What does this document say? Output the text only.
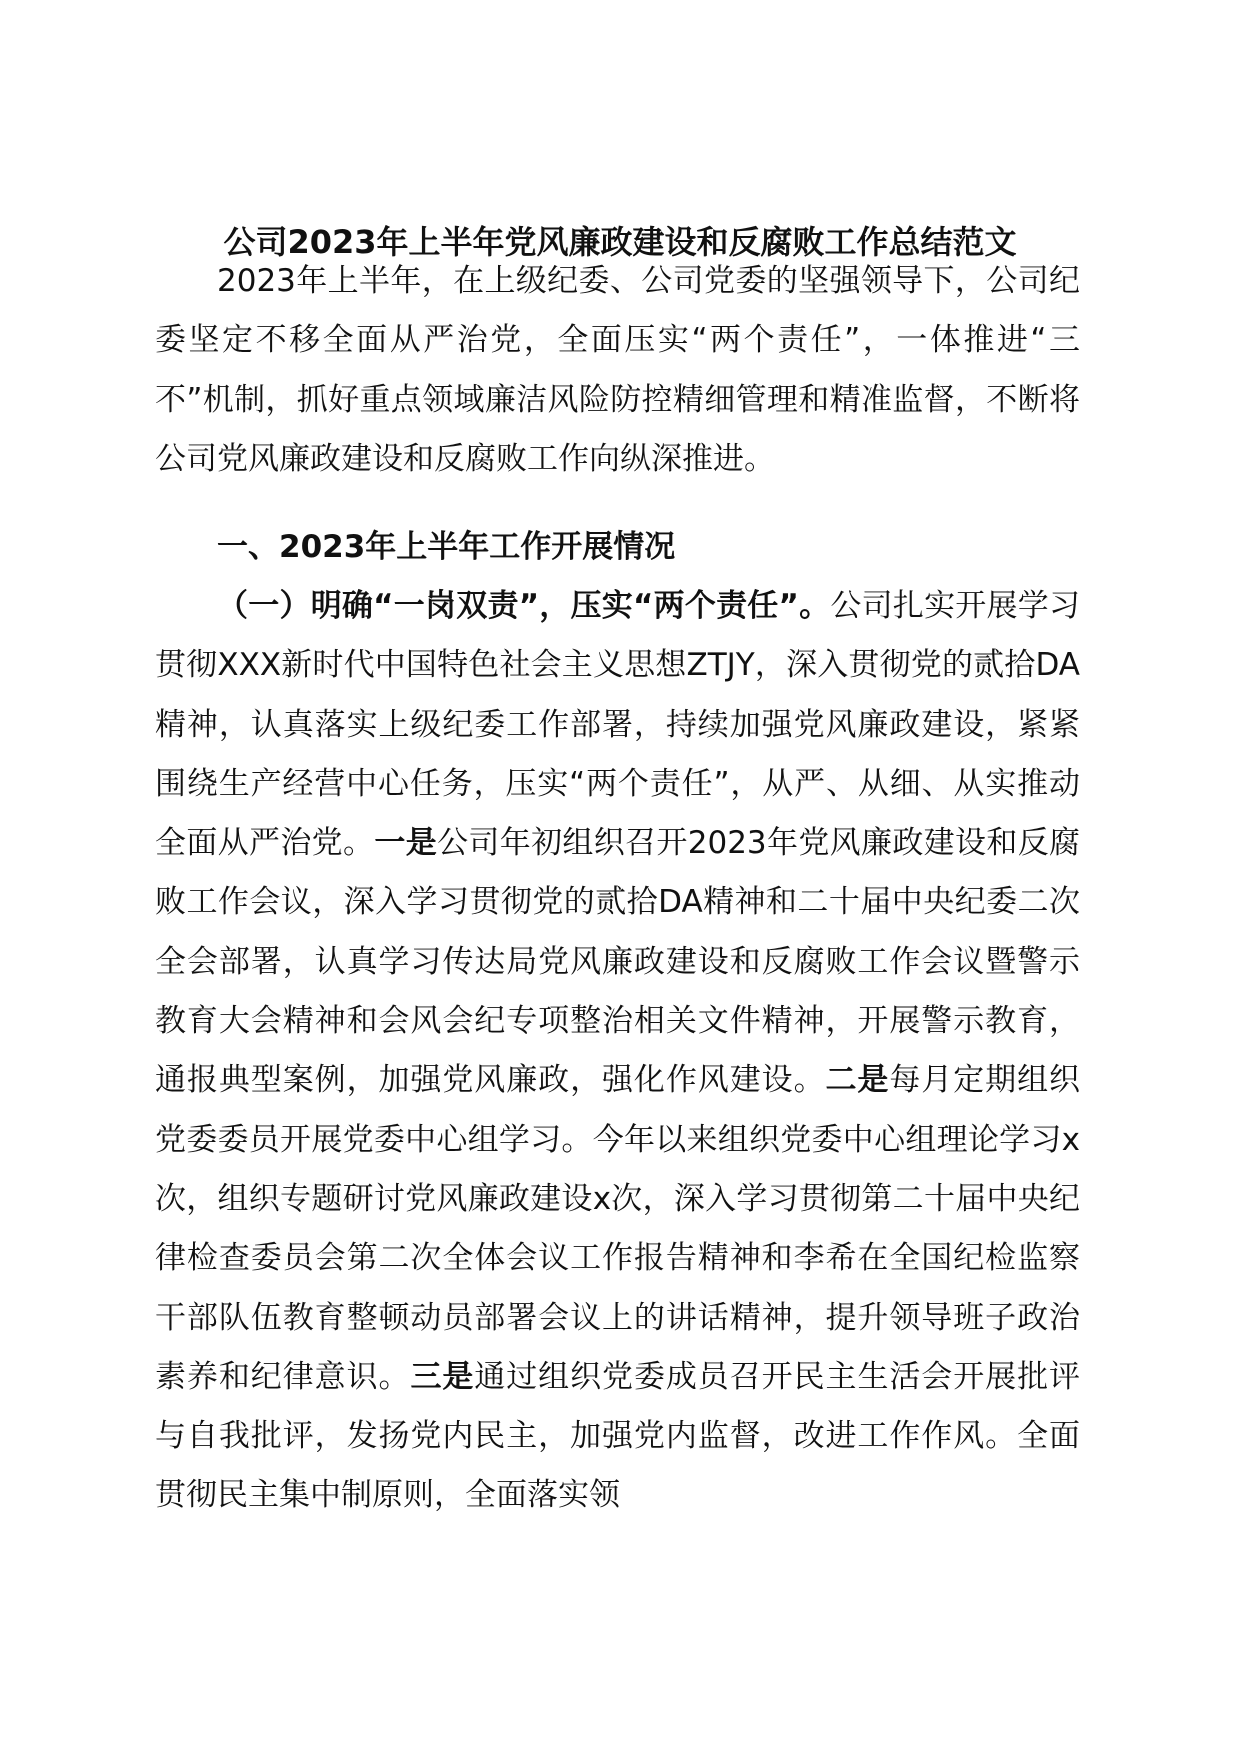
公司2023年上半年党风廉政建设和反腐败工作总结范文

2023年上半年，在上级纪委、公司党委的坚强领导下，公司纪委坚定不移全面从严治党，全面压实“两个责任”，一体推进“三不”机制，抓好重点领域廉洁风险防控精细管理和精准监督，不断将公司党风廉政建设和反腐败工作向纵深推进。

一、2023年上半年工作开展情况

（一）明确“一岗双责”，压实“两个责任”。公司扎实开展学习贯彻XXX新时代中国特色社会主义思想ZTJY，深入贯彻党的贰拾DA精神，认真落实上级纪委工作部署，持续加强党风廉政建设，紧紧围绕生产经营中心任务，压实“两个责任”，从严、从细、从实推动全面从严治党。一是公司年初组织召开2023年党风廉政建设和反腐败工作会议，深入学习贯彻党的贰拾DA精神和二十届中央纪委二次全会部署，认真学习传达局党风廉政建设和反腐败工作会议暨警示教育大会精神和会风会纪专项整治相关文件精神，开展警示教育，通报典型案例，加强党风廉政，强化作风建设。二是每月定期组织党委委员开展党委中心组学习。今年以来组织党委中心组理论学习x次，组织专题研讨党风廉政建设x次，深入学习贯彻第二十届中央纪律检查委员会第二次全体会议工作报告精神和李希在全国纪检监察干部队伍教育整顿动员部署会议上的讲话精神，提升领导班子政治素养和纪律意识。三是通过组织党委成员召开民主生活会开展批评与自我批评，发扬党内民主，加强党内监督，改进工作作风。全面贯彻民主集中制原则，全面落实领
